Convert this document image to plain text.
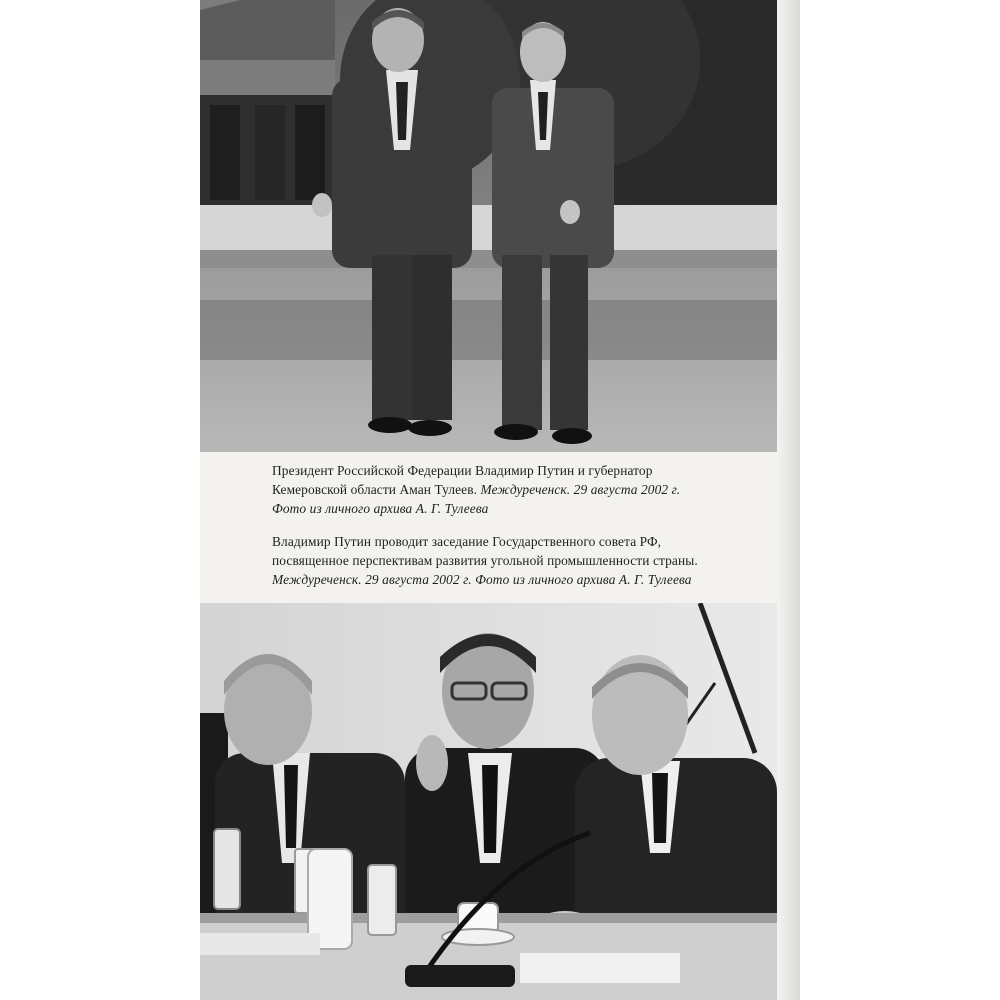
Президент Российской Федерации Владимир Путин и губернатор
Кемеровской области Аман Тулеев. Междуреченск. 29 августа 2002 г.
Фото из личного архива А. Г. Тулеева
Владимир Путин проводит заседание Государственного совета РФ,
посвященное перспективам развития угольной промышленности страны.
Междуреченск. 29 августа 2002 г. Фото из личного архива А. Г. Тулеева
